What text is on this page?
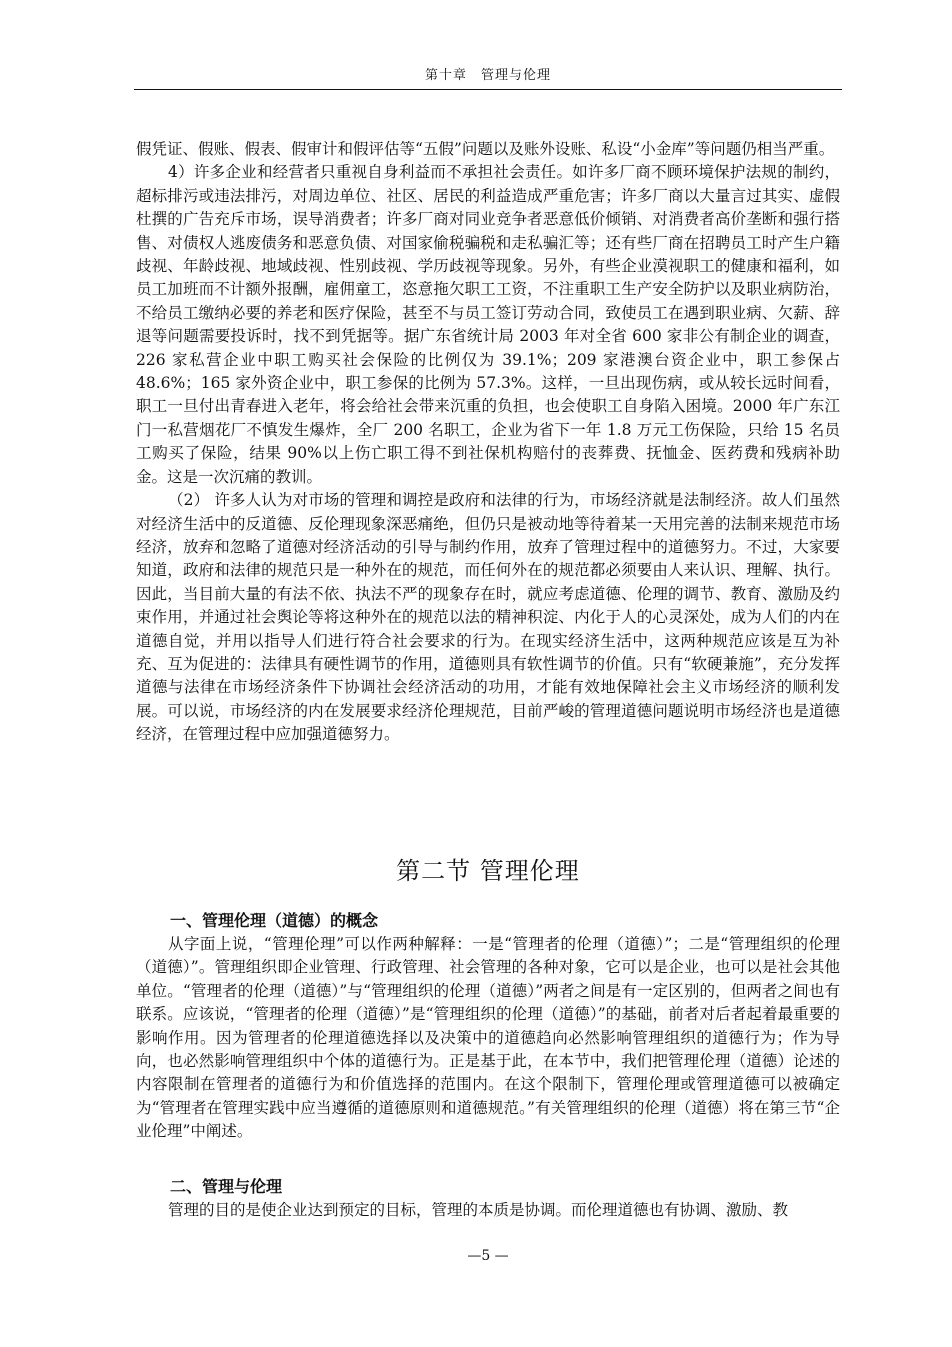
第十章　管理与伦理

假凭证、假账、假表、假审计和假评估等“五假”问题以及账外设账、私设“小金库”等问题仍相当严重。

4）许多企业和经营者只重视自身利益而不承担社会责任。如许多厂商不顾环境保护法规的制约，超标排污或违法排污，对周边单位、社区、居民的利益造成严重危害；许多厂商以大量言过其实、虚假杜撰的广告充斥市场，误导消费者；许多厂商对同业竞争者恶意低价倾销、对消费者高价垄断和强行搭售、对债权人逃废债务和恶意负债、对国家偷税骗税和走私骗汇等；还有些厂商在招聘员工时产生户籍歧视、年龄歧视、地域歧视、性别歧视、学历歧视等现象。另外，有些企业漠视职工的健康和福利，如员工加班而不计额外报酬，雇佣童工，恣意拖欠职工工资，不注重职工生产安全防护以及职业病防治，不给员工缴纳必要的养老和医疗保险，甚至不与员工签订劳动合同，致使员工在遇到职业病、欠薪、辞退等问题需要投诉时，找不到凭据等。据广东省统计局 2003 年对全省 600 家非公有制企业的调查，226 家私营企业中职工购买社会保险的比例仅为 39.1%；209 家港澳台资企业中，职工参保占 48.6%；165 家外资企业中，职工参保的比例为 57.3%。这样，一旦出现伤病，或从较长远时间看，职工一旦付出青春进入老年，将会给社会带来沉重的负担，也会使职工自身陷入困境。2000 年广东江门一私营烟花厂不慎发生爆炸，全厂 200 名职工，企业为省下一年 1.8 万元工伤保险，只给 15 名员工购买了保险，结果 90%以上伤亡职工得不到社保机构赔付的丧葬费、抚恤金、医药费和残病补助金。这是一次沉痛的教训。

（2） 许多人认为对市场的管理和调控是政府和法律的行为，市场经济就是法制经济。故人们虽然对经济生活中的反道德、反伦理现象深恶痛绝，但仍只是被动地等待着某一天用完善的法制来规范市场经济，放弃和忽略了道德对经济活动的引导与制约作用，放弃了管理过程中的道德努力。不过，大家要知道，政府和法律的规范只是一种外在的规范，而任何外在的规范都必须要由人来认识、理解、执行。因此，当目前大量的有法不依、执法不严的现象存在时，就应考虑道德、伦理的调节、教育、激励及约束作用，并通过社会舆论等将这种外在的规范以法的精神积淀、内化于人的心灵深处，成为人们的内在道德自觉，并用以指导人们进行符合社会要求的行为。在现实经济生活中，这两种规范应该是互为补充、互为促进的：法律具有硬性调节的作用，道德则具有软性调节的价值。只有“软硬兼施”，充分发挥道德与法律在市场经济条件下协调社会经济活动的功用，才能有效地保障社会主义市场经济的顺利发展。可以说，市场经济的内在发展要求经济伦理规范，目前严峻的管理道德问题说明市场经济也是道德经济，在管理过程中应加强道德努力。

第二节 管理伦理
一、管理伦理（道德）的概念

从字面上说，“管理伦理”可以作两种解释：一是“管理者的伦理（道德）”；二是“管理组织的伦理（道德）”。管理组织即企业管理、行政管理、社会管理的各种对象，它可以是企业，也可以是社会其他单位。“管理者的伦理（道德）”与“管理组织的伦理（道德）”两者之间是有一定区别的，但两者之间也有联系。应该说，“管理者的伦理（道德）”是“管理组织的伦理（道德）”的基础，前者对后者起着最重要的影响作用。因为管理者的伦理道德选择以及决策中的道德趋向必然影响管理组织的道德行为；作为导向，也必然影响管理组织中个体的道德行为。正是基于此，在本节中，我们把管理伦理（道德）论述的内容限制在管理者的道德行为和价值选择的范围内。在这个限制下，管理伦理或管理道德可以被确定为“管理者在管理实践中应当遵循的道德原则和道德规范。”有关管理组织的伦理（道德）将在第三节“企业伦理”中阐述。

二、管理与伦理

管理的目的是使企业达到预定的目标，管理的本质是协调。而伦理道德也有协调、激励、教

—5 —
